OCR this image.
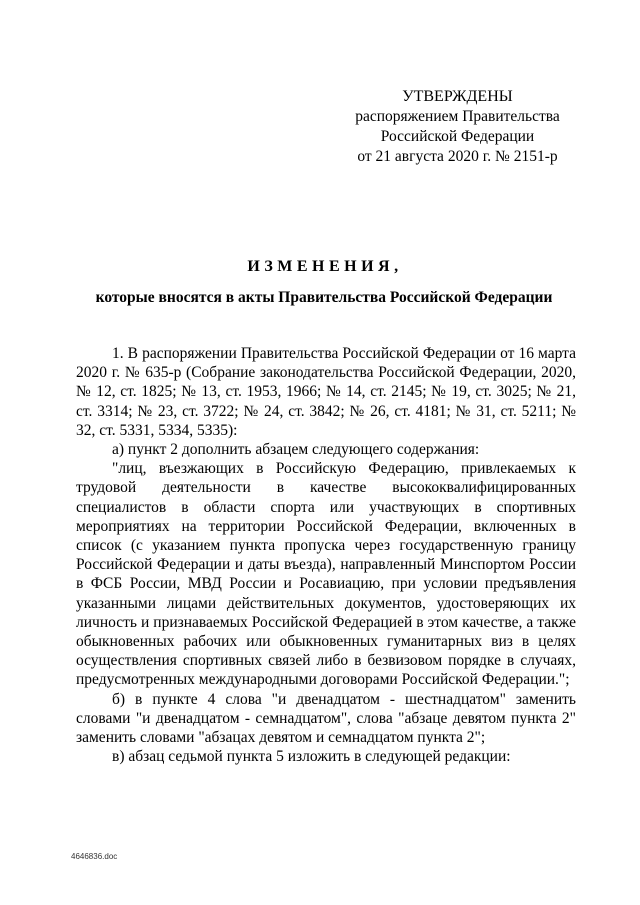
УТВЕРЖДЕНЫ
распоряжением Правительства
Российской Федерации
от 21 августа 2020 г. № 2151-р
ИЗМЕНЕНИЯ,
которые вносятся в акты Правительства Российской Федерации

1. В распоряжении Правительства Российской Федерации от 16 марта 2020 г. № 635-р (Собрание законодательства Российской Федерации, 2020, № 12, ст. 1825; № 13, ст. 1953, 1966; № 14, ст. 2145; № 19, ст. 3025; № 21, ст. 3314; № 23, ст. 3722; № 24, ст. 3842; № 26, ст. 4181; № 31, ст. 5211; № 32, ст. 5331, 5334, 5335):

а) пункт 2 дополнить абзацем следующего содержания:

"лиц, въезжающих в Российскую Федерацию, привлекаемых к трудовой деятельности в качестве высококвалифицированных специалистов в области спорта или участвующих в спортивных мероприятиях на территории Российской Федерации, включенных в список (с указанием пункта пропуска через государственную границу Российской Федерации и даты въезда), направленный Минспортом России в ФСБ России, МВД России и Росавиацию, при условии предъявления указанными лицами действительных документов, удостоверяющих их личность и признаваемых Российской Федерацией в этом качестве, а также обыкновенных рабочих или обыкновенных гуманитарных виз в целях осуществления спортивных связей либо в безвизовом порядке в случаях, предусмотренных международными договорами Российской Федерации.";

б) в пункте 4 слова "и двенадцатом - шестнадцатом" заменить словами "и двенадцатом - семнадцатом", слова "абзаце девятом пункта 2" заменить словами "абзацах девятом и семнадцатом пункта 2";

в) абзац седьмой пункта 5 изложить в следующей редакции:

4646836.doc
